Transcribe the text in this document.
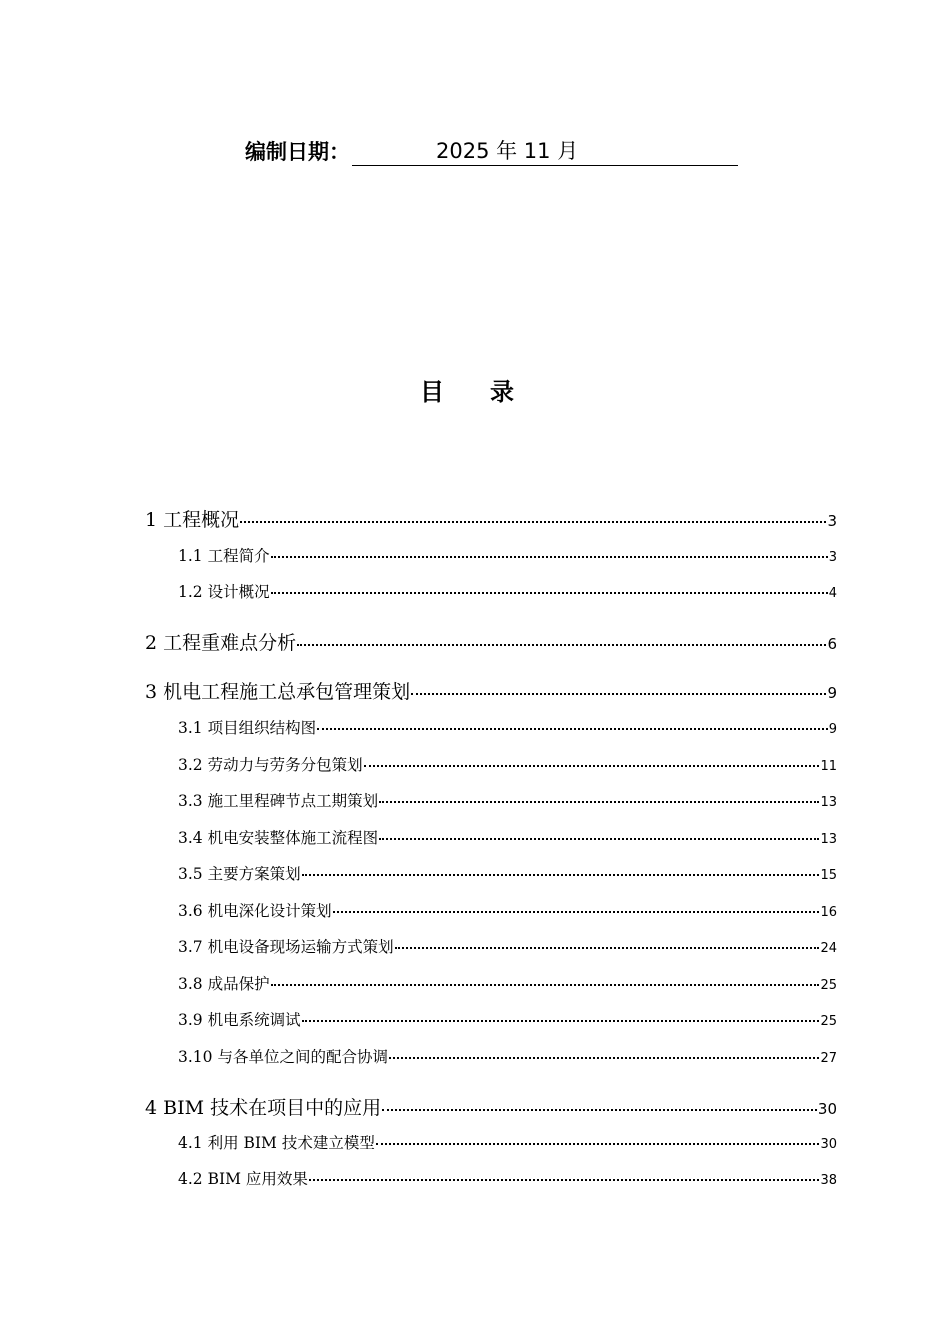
编制日期：	2025 年 11 月
目录
1 工程概况	3
1.1 工程简介	3
1.2 设计概况	4
2 工程重难点分析	6
3 机电工程施工总承包管理策划	9
3.1 项目组织结构图	9
3.2 劳动力与劳务分包策划	11
3.3 施工里程碑节点工期策划	13
3.4 机电安装整体施工流程图	13
3.5 主要方案策划	15
3.6 机电深化设计策划	16
3.7 机电设备现场运输方式策划	24
3.8 成品保护	25
3.9 机电系统调试	25
3.10 与各单位之间的配合协调	27
4 BIM 技术在项目中的应用	30
4.1 利用 BIM 技术建立模型	30
4.2 BIM 应用效果	38
